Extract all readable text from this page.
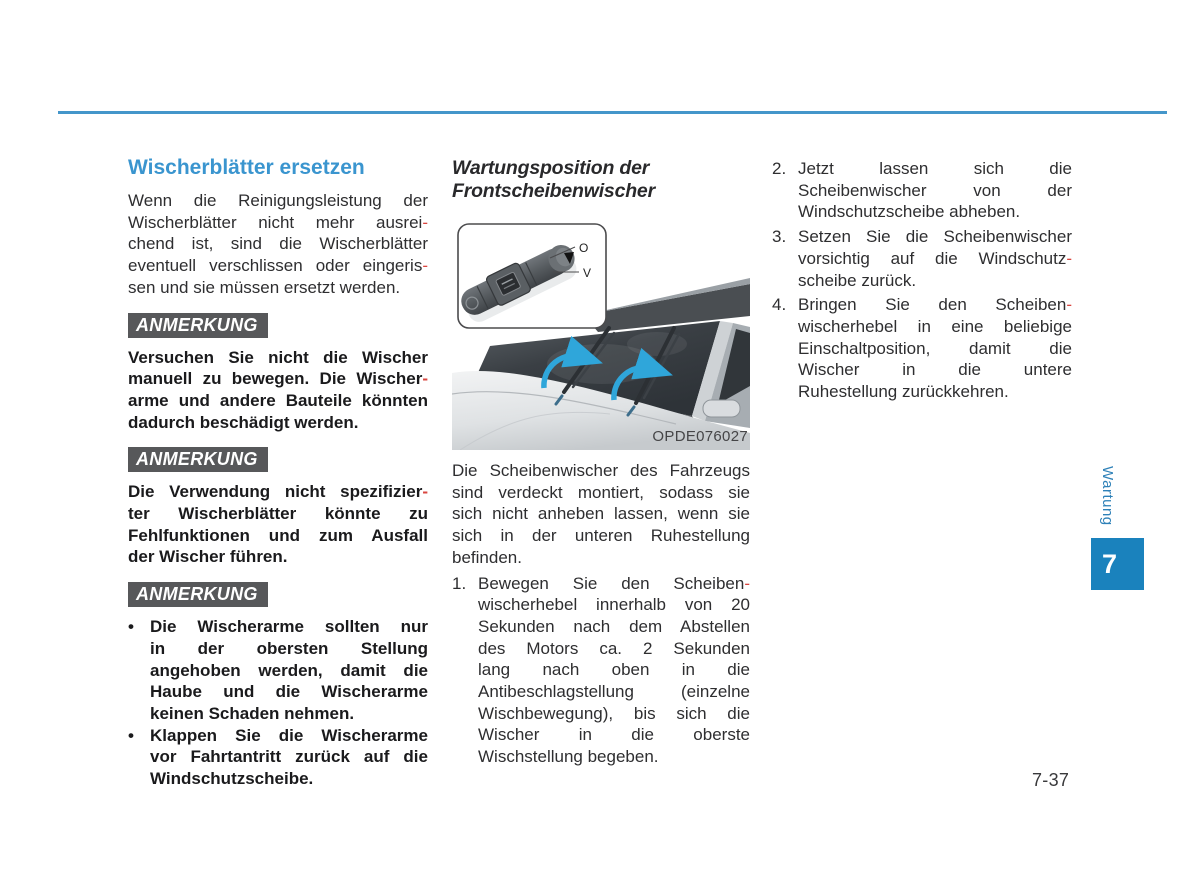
Wischerblätter ersetzen
Wenn die Reinigungsleistung der
Wischerblätter nicht mehr ausrei-
chend ist, sind die Wischerblätter
eventuell verschlissen oder eingeris-
sen und sie müssen ersetzt werden.
ANMERKUNG
Versuchen Sie nicht die Wischer
manuell zu bewegen. Die Wischer-
arme und andere Bauteile könnten
dadurch beschädigt werden.
ANMERKUNG
Die Verwendung nicht spezifizier-
ter Wischerblätter könnte zu
Fehlfunktionen und zum Ausfall
der Wischer führen.
ANMERKUNG
• Die Wischerarme sollten nur
in der obersten Stellung
angehoben werden, damit die
Haube und die Wischerarme
keinen Schaden nehmen.
• Klappen Sie die Wischerarme
vor Fahrtantritt zurück auf die
Windschutzscheibe.
Wartungsposition der
Frontscheibenwischer
O
V
OPDE076027
Die Scheibenwischer des Fahrzeugs
sind verdeckt montiert, sodass sie
sich nicht anheben lassen, wenn sie
sich in der unteren Ruhestellung
befinden.
1. Bewegen Sie den Scheiben-
wischerhebel innerhalb von 20
Sekunden nach dem Abstellen
des Motors ca. 2 Sekunden
lang nach oben in die
Antibeschlagstellung (einzelne
Wischbewegung), bis sich die
Wischer in die oberste
Wischstellung begeben.
2. Jetzt lassen sich die
Scheibenwischer von der
Windschutzscheibe abheben.
3. Setzen Sie die Scheibenwischer
vorsichtig auf die Windschutz-
scheibe zurück.
4. Bringen Sie den Scheiben-
wischerhebel in eine beliebige
Einschaltposition, damit die
Wischer in die untere
Ruhestellung zurückkehren.
Wartung
7
7-37
